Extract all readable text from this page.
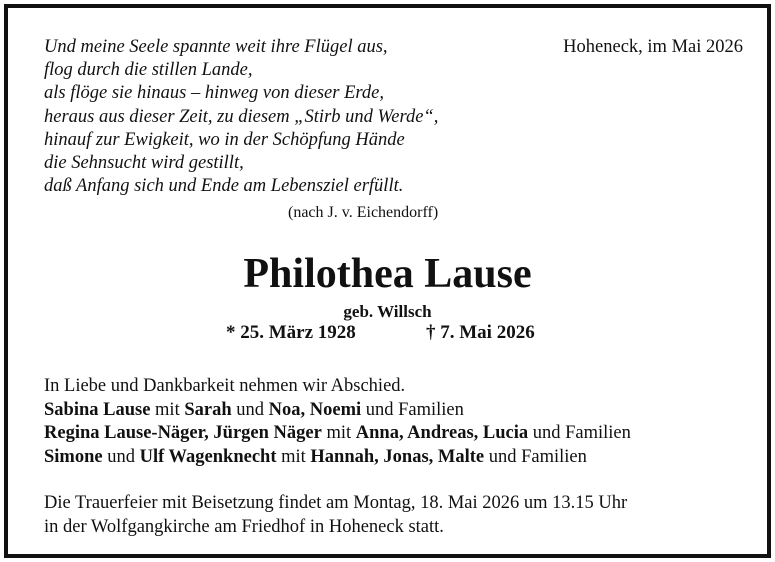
Und meine Seele spannte weit ihre Flügel aus,
flog durch die stillen Lande,
als flöge sie hinaus – hinweg von dieser Erde,
heraus aus dieser Zeit, zu diesem „Stirb und Werde“,
hinauf zur Ewigkeit, wo in der Schöpfung Hände
die Sehnsucht wird gestillt,
daß Anfang sich und Ende am Lebensziel erfüllt.
Hoheneck, im Mai 2026
(nach J. v. Eichendorff)
Philothea Lause
geb. Willsch
* 25. März 1928	† 7. Mai 2026
In Liebe und Dankbarkeit nehmen wir Abschied.
Sabina Lause mit Sarah und Noa, Noemi und Familien
Regina Lause-Näger, Jürgen Näger mit Anna, Andreas, Lucia und Familien
Simone und Ulf Wagenknecht mit Hannah, Jonas, Malte und Familien
Die Trauerfeier mit Beisetzung findet am Montag, 18. Mai 2026 um 13.15 Uhr
in der Wolfgangkirche am Friedhof in Hoheneck statt.
